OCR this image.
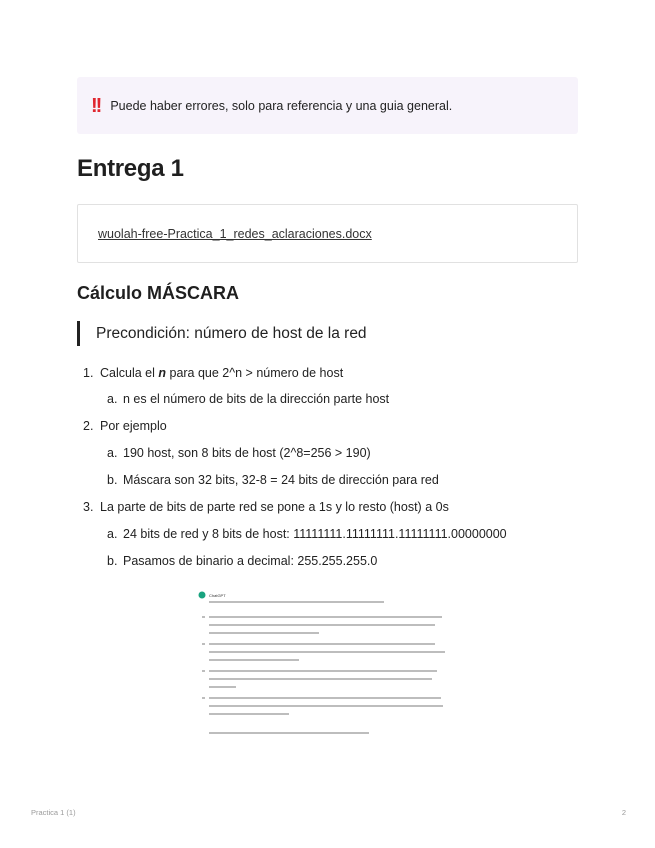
!! Puede haber errores, solo para referencia y una guia general.
Entrega 1
wuolah-free-Practica_1_redes_aclaraciones.docx
Cálculo MÁSCARA
Precondición: número de host de la red
1. Calcula el n para que 2^n > número de host
a. n es el número de bits de la dirección parte host
2. Por ejemplo
a. 190 host, son 8 bits de host (2^8=256 > 190)
b. Máscara son 32 bits, 32-8 = 24 bits de dirección para red
3. La parte de bits de parte red se pone a 1s y lo resto (host) a 0s
a. 24 bits de red y 8 bits de host: 11111111.11111111.11111111.00000000
b. Pasamos de binario a decimal: 255.255.255.0
ChatGPT
Practica 1 (1)	2
